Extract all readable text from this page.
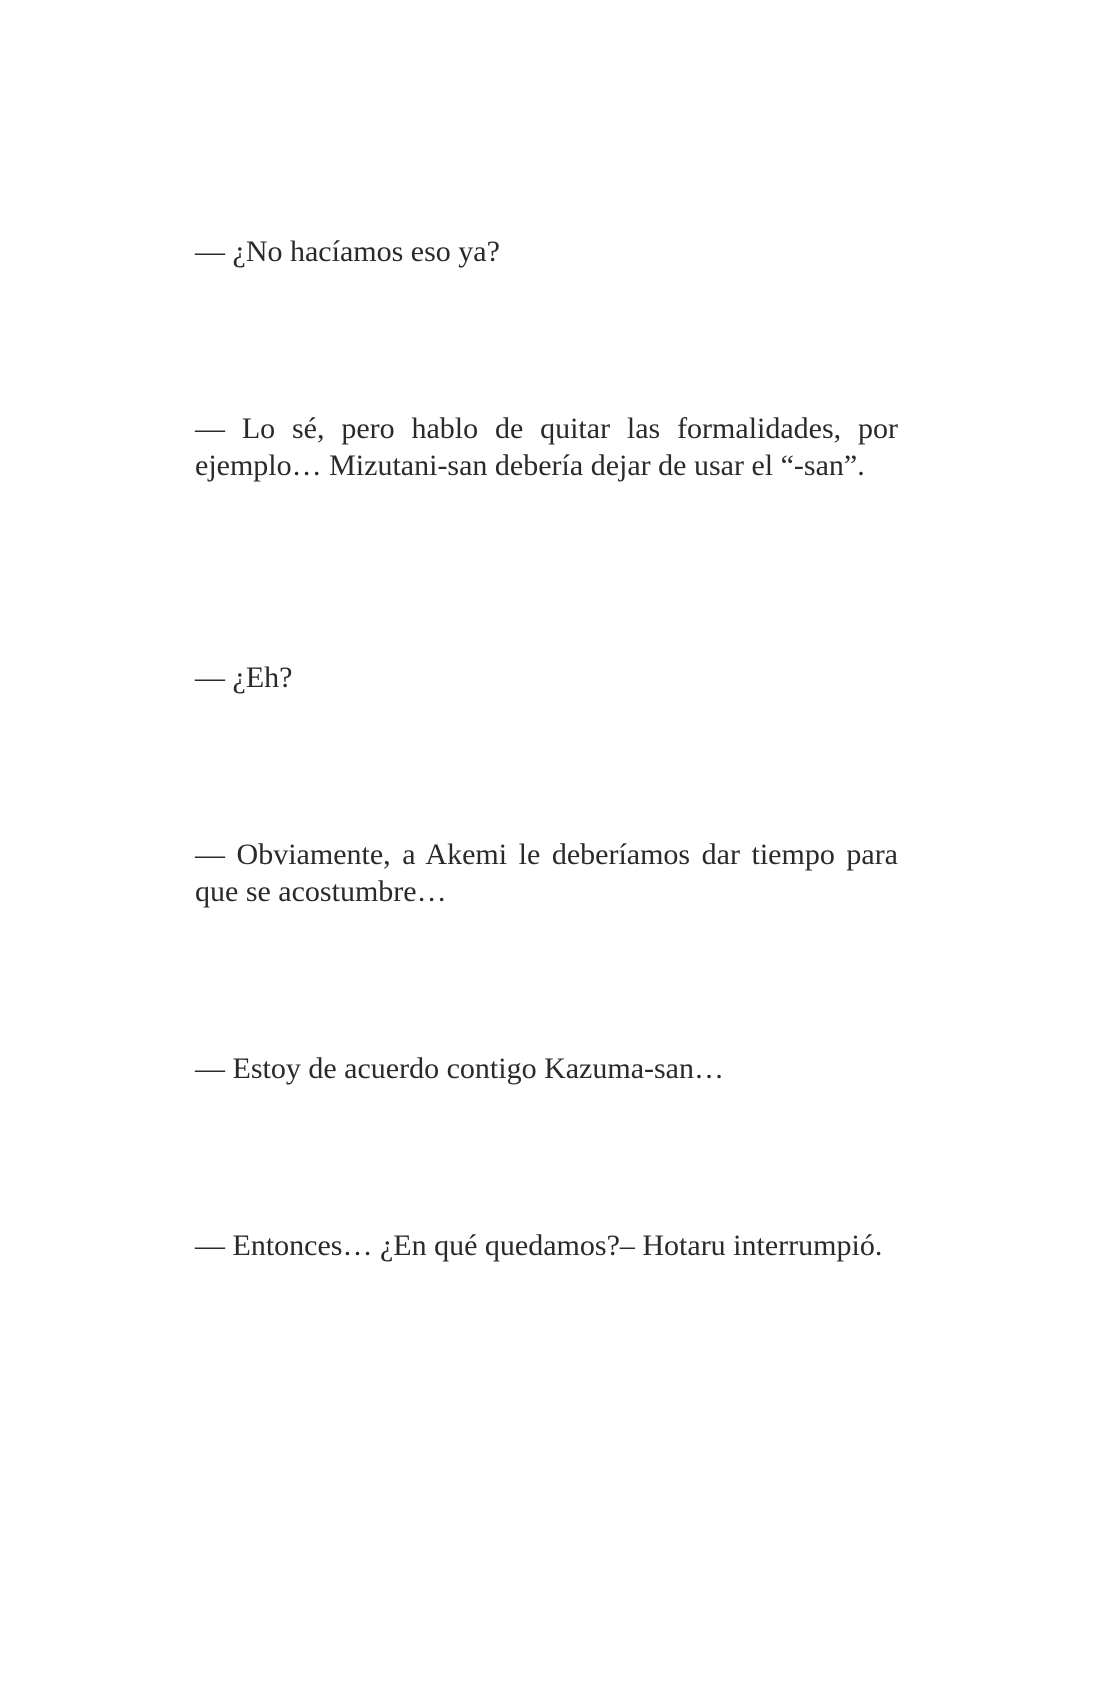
— ¿No hacíamos eso ya?

— Lo sé, pero hablo de quitar las formalidades, por ejemplo… Mizutani-san debería dejar de usar el “-san”.

— ¿Eh?

— Obviamente, a Akemi le deberíamos dar tiempo para que se acostumbre…

— Estoy de acuerdo contigo Kazuma-san…

— Entonces… ¿En qué quedamos?– Hotaru interrumpió.
